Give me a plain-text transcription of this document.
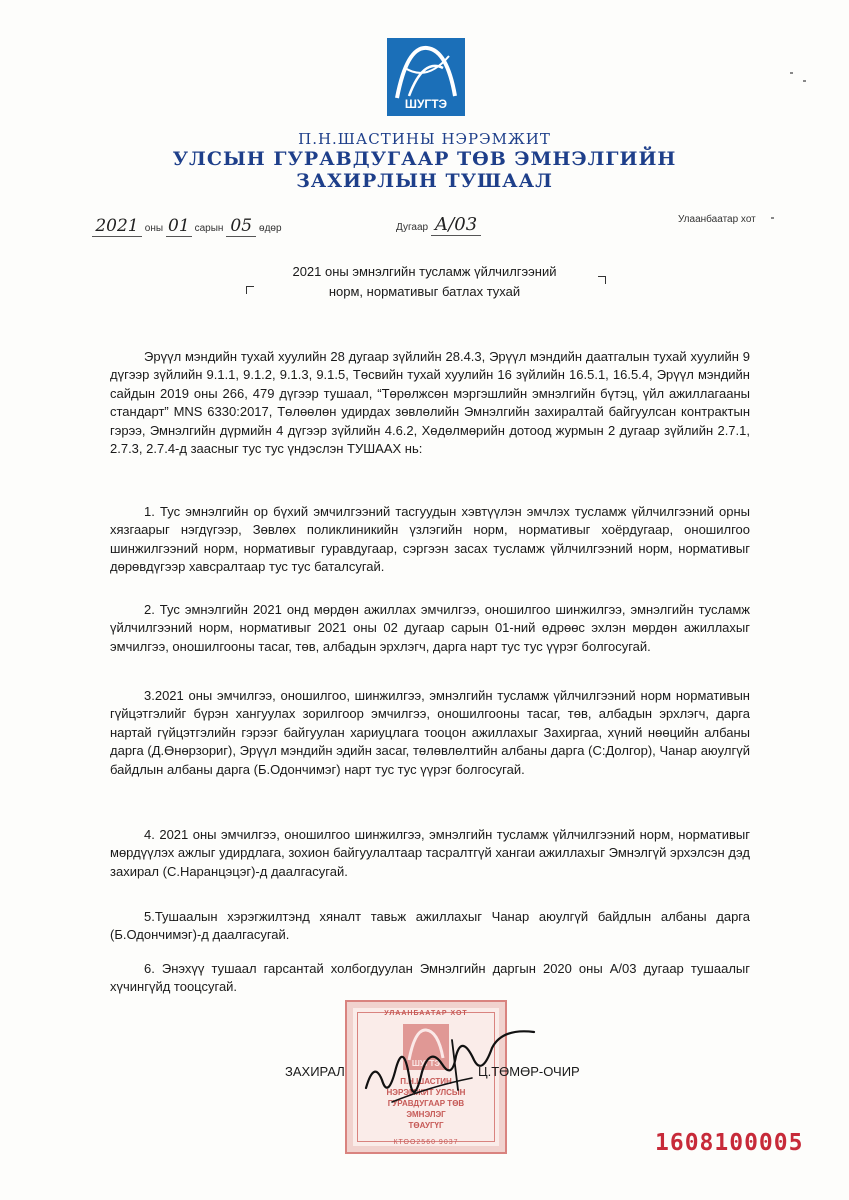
ШУГТЭ
П.Н.ШАСТИНЫ НЭРЭМЖИТ
УЛСЫН ГУРАВДУГААР ТӨВ ЭМНЭЛГИЙН
ЗАХИРЛЫН ТУШААЛ
2021 оны 01 сарын 05 өдөр	Дугаар А/03	Улаанбаатар хот
2021 оны эмнэлгийн тусламж үйлчилгээний
норм, нормативыг батлах тухай
Эрүүл мэндийн тухай хуулийн 28 дугаар зүйлийн 28.4.3, Эрүүл мэндийн даатгалын тухай хуулийн 9 дүгээр зүйлийн 9.1.1, 9.1.2, 9.1.3, 9.1.5, Төсвийн тухай хуулийн 16 зүйлийн 16.5.1, 16.5.4, Эрүүл мэндийн сайдын 2019 оны 266, 479 дүгээр тушаал, “Төрөлжсөн мэргэшлийн эмнэлгийн бүтэц, үйл ажиллагааны стандарт” MNS 6330:2017, Төлөөлөн удирдах зөвлөлийн Эмнэлгийн захиралтай байгуулсан контрактын гэрээ, Эмнэлгийн дүрмийн 4 дүгээр зүйлийн 4.6.2, Хөдөлмөрийн дотоод журмын 2 дугаар зүйлийн 2.7.1, 2.7.3, 2.7.4-д заасныг тус тус үндэслэн ТУШААХ нь:
1. Тус эмнэлгийн ор бүхий эмчилгээний тасгуудын хэвтүүлэн эмчлэх тусламж үйлчилгээний орны хязгаарыг нэгдүгээр, Зөвлөх поликлиникийн үзлэгийн норм, нормативыг хоёрдугаар, оношилгоо шинжилгээний норм, нормативыг гуравдугаар, сэргээн засах тусламж үйлчилгээний норм, нормативыг дөрөвдүгээр хавсралтаар тус тус баталсугай.
2. Тус эмнэлгийн 2021 онд мөрдөн ажиллах эмчилгээ, оношилгоо шинжилгээ, эмнэлгийн тусламж үйлчилгээний норм, нормативыг 2021 оны 02 дугаар сарын 01-ний өдрөөс эхлэн мөрдөн ажиллахыг эмчилгээ, оношилгооны тасаг, төв, албадын эрхлэгч, дарга нарт тус тус үүрэг болгосугай.
3.2021 оны эмчилгээ, оношилгоо, шинжилгээ, эмнэлгийн тусламж үйлчилгээний норм нормативын гүйцэтгэлийг бүрэн хангуулах зорилгоор эмчилгээ, оношилгооны тасаг, төв, албадын эрхлэгч, дарга нартай гүйцэтгэлийн гэрээг байгуулан хариуцлага тооцон ажиллахыг Захиргаа, хүний нөөцийн албаны дарга (Д.Өнөрзориг), Эрүүл мэндийн эдийн засаг, төлөвлөлтийн албаны дарга (С:Долгор), Чанар аюулгүй байдлын албаны дарга (Б.Одончимэг) нарт тус тус үүрэг болгосугай.
4. 2021 оны эмчилгээ, оношилгоо шинжилгээ, эмнэлгийн тусламж үйлчилгээний норм, нормативыг мөрдүүлэх ажлыг удирдлага, зохион байгуулалтаар тасралтгүй хангаи ажиллахыг Эмнэлгүй эрхэлсэн дэд захирал (С.Наранцэцэг)-д даалгасугай.
5.Тушаалын хэрэгжилтэнд хяналт тавьж ажиллахыг Чанар аюулгүй байдлын албаны дарга (Б.Одончимэг)-д даалгасугай.
6. Энэхүү тушаал гарсантай холбогдуулан Эмнэлгийн даргын 2020 оны А/03 дугаар тушаалыг хүчингүйд тооцсугай.
УЛААНБААТАР ХОТ
ШУГТЭ
П.Н.ШАСТИН
НЭРЭМЖИТ УЛСЫН
ГУРАВДУГААР ТӨВ
ЭМНЭЛЭГ
ТӨАУГҮГ
КТОО2560 9037
ЗАХИРАЛ	Ц.ТӨМӨР-ОЧИР
1608100005
